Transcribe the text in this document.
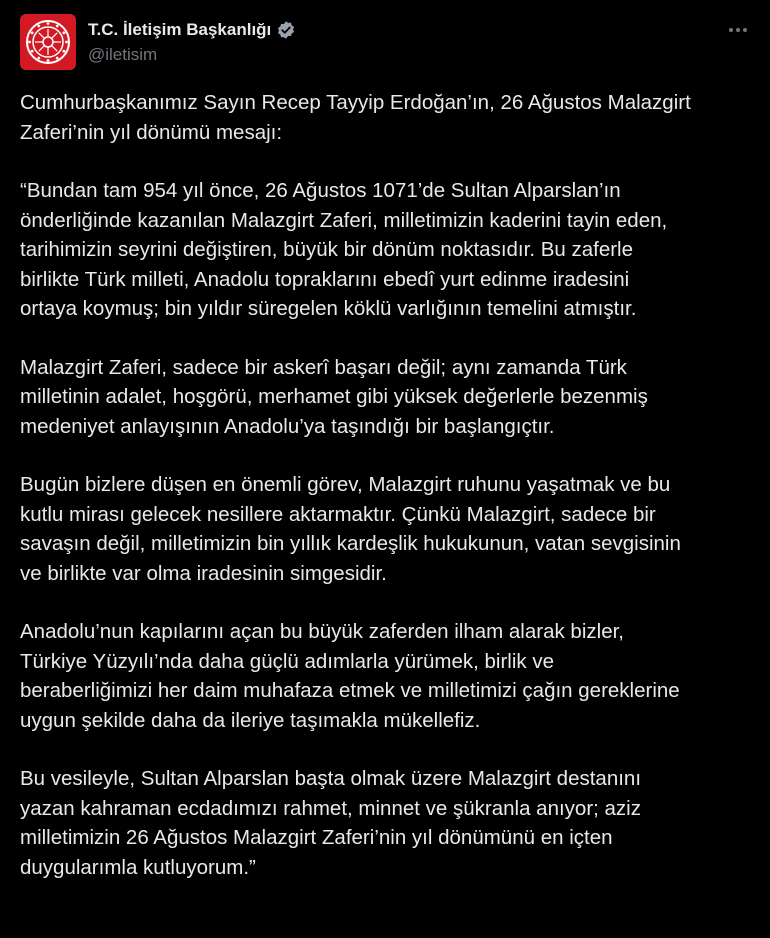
T.C. İletişim Başkanlığı
@iletisim

Cumhurbaşkanımız Sayın Recep Tayyip Erdoğan’ın, 26 Ağustos Malazgirt
Zaferi’nin yıl dönümü mesajı:

“Bundan tam 954 yıl önce, 26 Ağustos 1071’de Sultan Alparslan’ın
önderliğinde kazanılan Malazgirt Zaferi, milletimizin kaderini tayin eden,
tarihimizin seyrini değiştiren, büyük bir dönüm noktasıdır. Bu zaferle
birlikte Türk milleti, Anadolu topraklarını ebedî yurt edinme iradesini
ortaya koymuş; bin yıldır süregelen köklü varlığının temelini atmıştır.

Malazgirt Zaferi, sadece bir askerî başarı değil; aynı zamanda Türk
milletinin adalet, hoşgörü, merhamet gibi yüksek değerlerle bezenmiş
medeniyet anlayışının Anadolu’ya taşındığı bir başlangıçtır.

Bugün bizlere düşen en önemli görev, Malazgirt ruhunu yaşatmak ve bu
kutlu mirası gelecek nesillere aktarmaktır. Çünkü Malazgirt, sadece bir
savaşın değil, milletimizin bin yıllık kardeşlik hukukunun, vatan sevgisinin
ve birlikte var olma iradesinin simgesidir.

Anadolu’nun kapılarını açan bu büyük zaferden ilham alarak bizler,
Türkiye Yüzyılı’nda daha güçlü adımlarla yürümek, birlik ve
beraberliğimizi her daim muhafaza etmek ve milletimizi çağın gereklerine
uygun şekilde daha da ileriye taşımakla mükellefiz.

Bu vesileyle, Sultan Alparslan başta olmak üzere Malazgirt destanını
yazan kahraman ecdadımızı rahmet, minnet ve şükranla anıyor; aziz
milletimizin 26 Ağustos Malazgirt Zaferi’nin yıl dönümünü en içten
duygularımla kutluyorum.”
